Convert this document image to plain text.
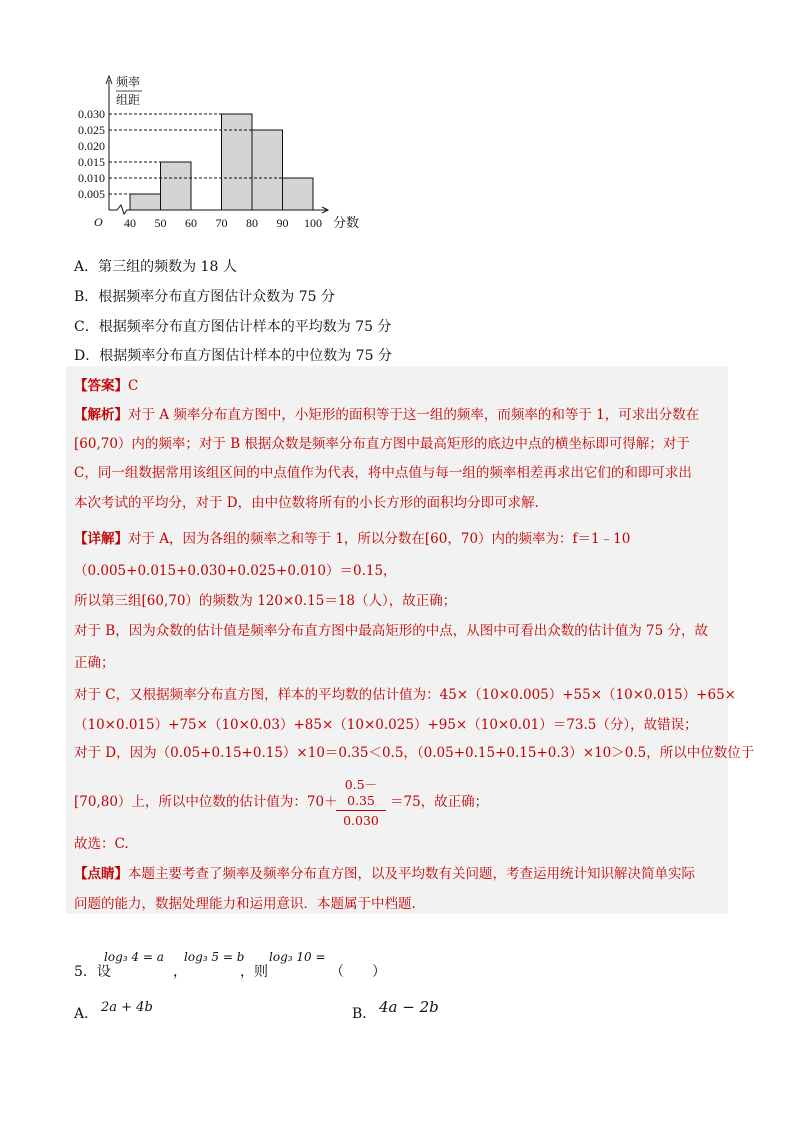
频率
组距
O	分数
0.005
0.010
0.015
0.020
0.025
0.030
40 50 60 70 80 90 100
A．第三组的频数为 18 人
B．根据频率分布直方图估计众数为 75 分
C．根据频率分布直方图估计样本的平均数为 75 分
D．根据频率分布直方图估计样本的中位数为 75 分
【答案】C
【解析】对于 A 频率分布直方图中，小矩形的面积等于这一组的频率，而频率的和等于 1，可求出分数在
[60,70）内的频率；对于 B 根据众数是频率分布直方图中最高矩形的底边中点的横坐标即可得解；对于
C，同一组数据常用该组区间的中点值作为代表，将中点值与每一组的频率相差再求出它们的和即可求出
本次考试的平均分，对于 D，由中位数将所有的小长方形的面积均分即可求解.
【详解】对于 A，因为各组的频率之和等于 1，所以分数在[60，70）内的频率为：f＝1﹣10
（0.005+0.015+0.030+0.025+0.010）＝0.15，
所以第三组[60,70）的频数为 120×0.15＝18（人），故正确；
对于 B，因为众数的估计值是频率分布直方图中最高矩形的中点，从图中可看出众数的估计值为 75 分，故
正确；
对于 C，又根据频率分布直方图，样本的平均数的估计值为：45×（10×0.005）+55×（10×0.015）+65×
（10×0.015）+75×（10×0.03）+85×（10×0.025）+95×（10×0.01）＝73.5（分），故错误；
对于 D，因为（0.05+0.15+0.15）×10＝0.35＜0.5，（0.05+0.15+0.15+0.3）×10＞0.5，所以中位数位于
[70,80）上，所以中位数的估计值为：70＋
$\frac{0.5-0.35}{0.030} =75$，故正确；
故选：C.
【点睛】本题主要考查了频率及频率分布直方图，以及平均数有关问题，考查运用统计知识解决简单实际
问题的能力，数据处理能力和运用意识．本题属于中档题.
5．设
log₃ 4 = a
，
log₃ 5 = b
，则
log₃ 10 =
（　　）
A． 2a + 4b	B． 4a − 2b
